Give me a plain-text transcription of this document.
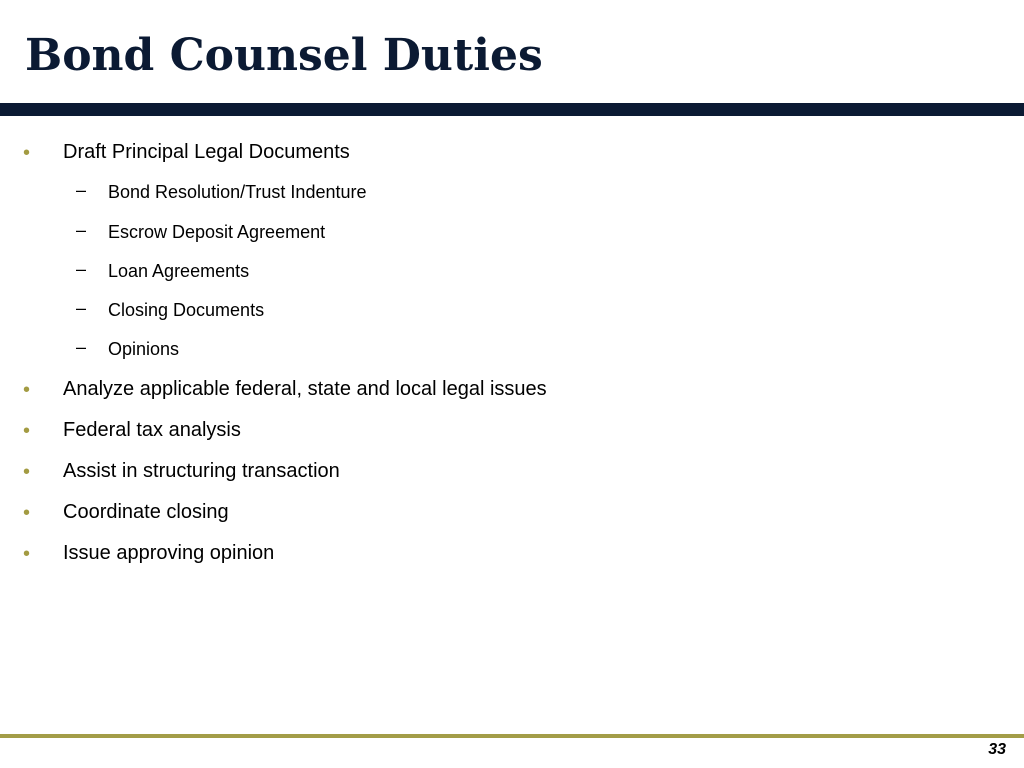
Bond Counsel Duties
• Draft Principal Legal Documents
– Bond Resolution/Trust Indenture
– Escrow Deposit Agreement
– Loan Agreements
– Closing Documents
– Opinions
• Analyze applicable federal, state and local legal issues
• Federal tax analysis
• Assist in structuring transaction
• Coordinate closing
• Issue approving opinion
33
